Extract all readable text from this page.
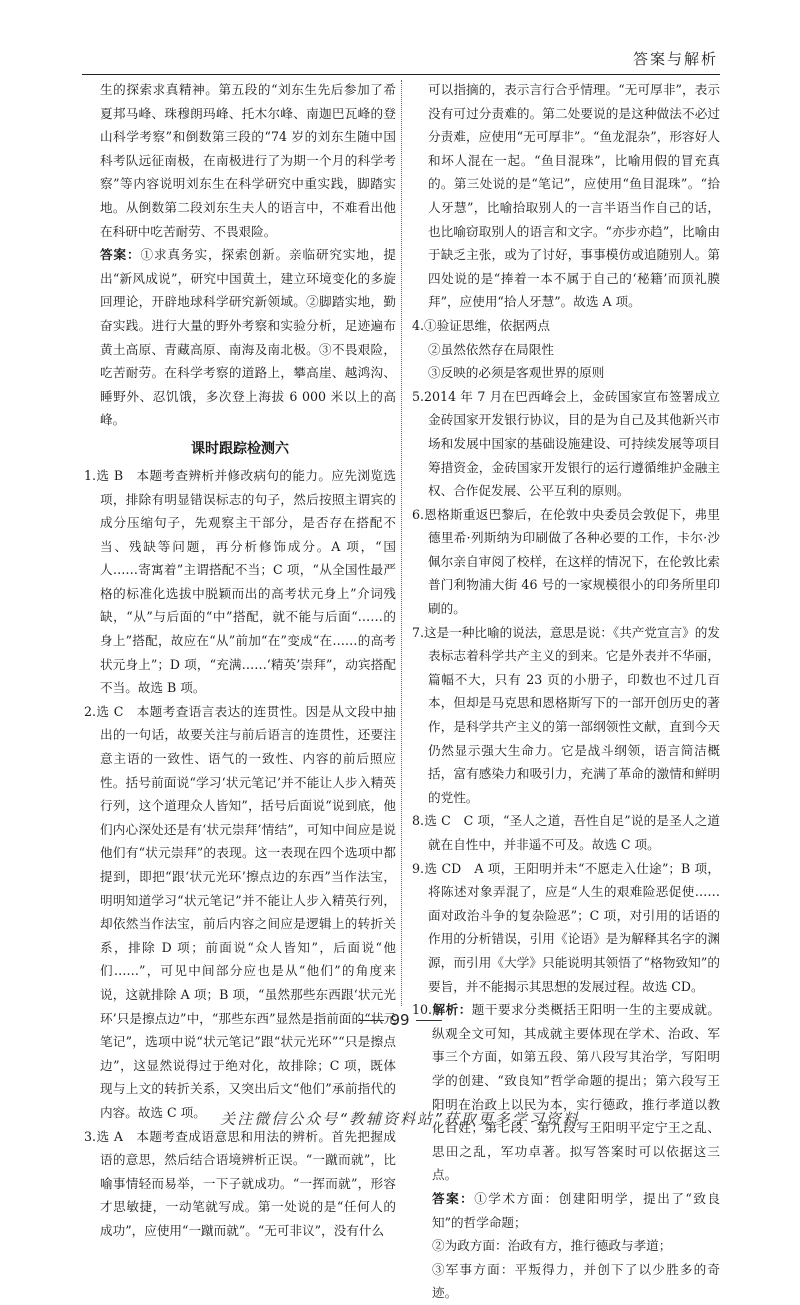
答案与解析

生的探索求真精神。第五段的“刘东生先后参加了希夏邦马峰、珠穆朗玛峰、托木尔峰、南迦巴瓦峰的登山科学考察”和倒数第三段的“74 岁的刘东生随中国科考队远征南极，在南极进行了为期一个月的科学考察”等内容说明刘东生在科学研究中重实践，脚踏实地。从倒数第二段刘东生夫人的语言中，不难看出他在科研中吃苦耐劳、不畏艰险。

答案：①求真务实，探索创新。亲临研究实地，提出“新风成说”，研究中国黄土，建立环境变化的多旋回理论，开辟地球科学研究新领域。②脚踏实地，勤奋实践。进行大量的野外考察和实验分析，足迹遍布黄土高原、青藏高原、南海及南北极。③不畏艰险，吃苦耐劳。在科学考察的道路上，攀高崖、越鸿沟、睡野外、忍饥饿，多次登上海拔 6 000 米以上的高峰。

课时跟踪检测六

1.选 B　本题考查辨析并修改病句的能力。应先浏览选项，排除有明显错误标志的句子，然后按照主谓宾的成分压缩句子，先观察主干部分，是否存在搭配不当、残缺等问题，再分析修饰成分。A 项，“国人……寄寓着”主谓搭配不当；C 项，“从全国性最严格的标准化选拔中脱颖而出的高考状元身上”介词残缺，“从”与后面的“中”搭配，就不能与后面“……的身上”搭配，故应在“从”前加“在”变成“在……的高考状元身上”；D 项，“充满……‘精英’崇拜”，动宾搭配不当。故选 B 项。

2.选 C　本题考查语言表达的连贯性。因是从文段中抽出的一句话，故要关注与前后语言的连贯性，还要注意主语的一致性、语气的一致性、内容的前后照应性。括号前面说“学习‘状元笔记’并不能让人步入精英行列，这个道理众人皆知”，括号后面说“说到底，他们内心深处还是有‘状元崇拜’情结”，可知中间应是说他们有“状元崇拜”的表现。这一表现在四个选项中都提到，即把“跟‘状元光环’擦点边的东西”当作法宝，明明知道学习“状元笔记”并不能让人步入精英行列，却依然当作法宝，前后内容之间应是逻辑上的转折关系，排除 D 项；前面说“众人皆知”，后面说“他们……”，可见中间部分应也是从“他们”的角度来说，这就排除 A 项；B 项，“虽然那些东西跟‘状元光环’只是擦点边”中，“那些东西”显然是指前面的“状元笔记”，选项中说“状元笔记”跟“状元光环”“只是擦点边”，这显然说得过于绝对化，故排除；C 项，既体现与上文的转折关系，又突出后文“他们”承前指代的内容。故选 C 项。

3.选 A　本题考查成语意思和用法的辨析。首先把握成语的意思，然后结合语境辨析正误。“一蹴而就”，比喻事情轻而易举，一下子就成功。“一挥而就”，形容才思敏捷，一动笔就写成。第一处说的是“任何人的成功”，应使用“一蹴而就”。“无可非议”，没有什么

可以指摘的，表示言行合乎情理。“无可厚非”，表示没有可过分责难的。第二处要说的是这种做法不必过分责难，应使用“无可厚非”。“鱼龙混杂”，形容好人和坏人混在一起。“鱼目混珠”，比喻用假的冒充真的。第三处说的是“笔记”，应使用“鱼目混珠”。“拾人牙慧”，比喻拾取别人的一言半语当作自己的话，也比喻窃取别人的语言和文字。“亦步亦趋”，比喻由于缺乏主张，或为了讨好，事事模仿或追随别人。第四处说的是“捧着一本不属于自己的‘秘籍’而顶礼膜拜”，应使用“拾人牙慧”。故选 A 项。

4.①验证思维，依据两点

②虽然依然存在局限性

③反映的必须是客观世界的原则

5.2014 年 7 月在巴西峰会上，金砖国家宣布签署成立金砖国家开发银行协议，目的是为自己及其他新兴市场和发展中国家的基础设施建设、可持续发展等项目筹措资金，金砖国家开发银行的运行遵循维护金融主权、合作促发展、公平互利的原则。

6.恩格斯重返巴黎后，在伦敦中央委员会敦促下，弗里德里希·列斯纳为印刷做了各种必要的工作，卡尔·沙佩尔亲自审阅了校样，在这样的情况下，在伦敦比索普门利物浦大街 46 号的一家规模很小的印务所里印刷的。

7.这是一种比喻的说法，意思是说：《共产党宣言》的发表标志着科学共产主义的到来。它是外表并不华丽，篇幅不大，只有 23 页的小册子，印数也不过几百本，但却是马克思和恩格斯写下的一部开创历史的著作，是科学共产主义的第一部纲领性文献，直到今天仍然显示强大生命力。它是战斗纲领，语言简洁概括，富有感染力和吸引力，充满了革命的激情和鲜明的党性。

8.选 C　C 项，“圣人之道，吾性自足”说的是圣人之道就在自性中，并非遥不可及。故选 C 项。

9.选 CD　A 项，王阳明并未“不愿走入仕途”；B 项，将陈述对象弄混了，应是“人生的艰难险恶促使……面对政治斗争的复杂险恶”；C 项，对引用的话语的作用的分析错误，引用《论语》是为解释其名字的渊源，而引用《大学》只能说明其领悟了“格物致知”的要旨，并不能揭示其思想的发展过程。故选 CD。

10.解析：题干要求分类概括王阳明一生的主要成就。纵观全文可知，其成就主要体现在学术、治政、军事三个方面，如第五段、第八段写其治学，写阳明学的创建、“致良知”哲学命题的提出；第六段写王阳明在治政上以民为本，实行德政，推行孝道以教化百姓；第七段、第九段写王阳明平定宁王之乱、思田之乱，军功卓著。拟写答案时可以依据这三点。

答案：①学术方面：创建阳明学，提出了“致良知”的哲学命题；

②为政方面：治政有方，推行德政与孝道；

③军事方面：平叛得力，并创下了以少胜多的奇迹。

99
关注微信公众号“教辅资料站”获取更多学习资料
